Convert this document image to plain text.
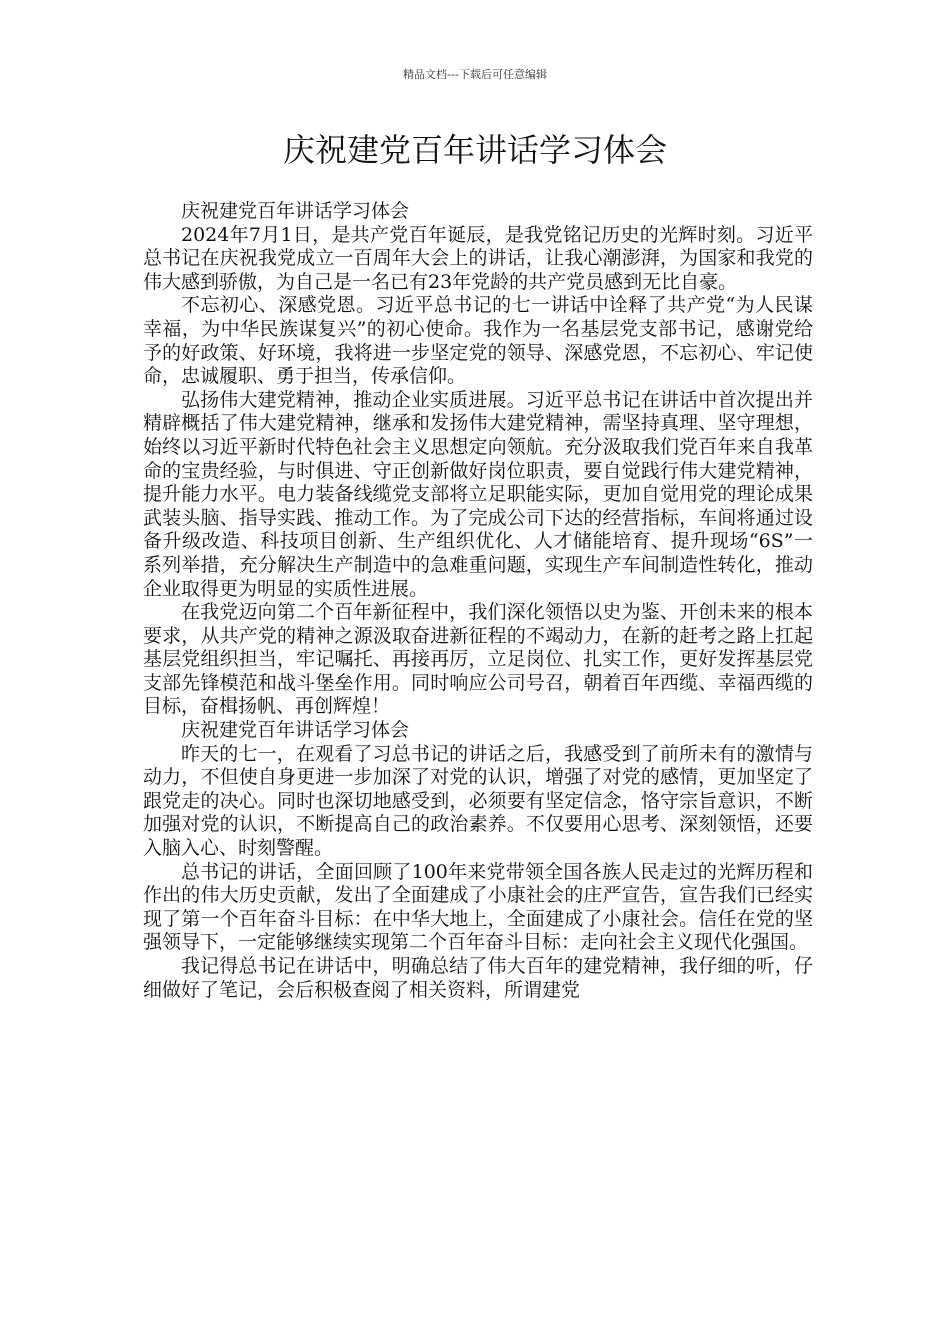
精品文档---下载后可任意编辑
庆祝建党百年讲话学习体会

庆祝建党百年讲话学习体会

2024年7月1日，是共产党百年诞辰，是我党铭记历史的光辉时刻。习近平总书记在庆祝我党成立一百周年大会上的讲话，让我心潮澎湃，为国家和我党的伟大感到骄傲，为自己是一名已有23年党龄的共产党员感到无比自豪。

不忘初心、深感党恩。习近平总书记的七一讲话中诠释了共产党“为人民谋幸福，为中华民族谋复兴”的初心使命。我作为一名基层党支部书记，感谢党给予的好政策、好环境，我将进一步坚定党的领导、深感党恩，不忘初心、牢记使命，忠诚履职、勇于担当，传承信仰。

弘扬伟大建党精神，推动企业实质进展。习近平总书记在讲话中首次提出并精辟概括了伟大建党精神，继承和发扬伟大建党精神，需坚持真理、坚守理想，始终以习近平新时代特色社会主义思想定向领航。充分汲取我们党百年来自我革命的宝贵经验，与时俱进、守正创新做好岗位职责，要自觉践行伟大建党精神，提升能力水平。电力装备线缆党支部将立足职能实际，更加自觉用党的理论成果武装头脑、指导实践、推动工作。为了完成公司下达的经营指标，车间将通过设备升级改造、科技项目创新、生产组织优化、人才储能培育、提升现场“6S”一系列举措，充分解决生产制造中的急难重问题，实现生产车间制造性转化，推动企业取得更为明显的实质性进展。

在我党迈向第二个百年新征程中，我们深化领悟以史为鉴、开创未来的根本要求，从共产党的精神之源汲取奋进新征程的不竭动力，在新的赶考之路上扛起基层党组织担当，牢记嘱托、再接再厉，立足岗位、扎实工作，更好发挥基层党支部先锋模范和战斗堡垒作用。同时响应公司号召，朝着百年西缆、幸福西缆的目标，奋楫扬帆、再创辉煌！

庆祝建党百年讲话学习体会

昨天的七一，在观看了习总书记的讲话之后，我感受到了前所未有的激情与动力，不但使自身更进一步加深了对党的认识，增强了对党的感情，更加坚定了跟党走的决心。同时也深切地感受到，必须要有坚定信念，恪守宗旨意识，不断加强对党的认识，不断提高自己的政治素养。不仅要用心思考、深刻领悟，还要入脑入心、时刻警醒。

总书记的讲话，全面回顾了100年来党带领全国各族人民走过的光辉历程和作出的伟大历史贡献，发出了全面建成了小康社会的庄严宣告，宣告我们已经实现了第一个百年奋斗目标：在中华大地上，全面建成了小康社会。信任在党的坚强领导下，一定能够继续实现第二个百年奋斗目标：走向社会主义现代化强国。

我记得总书记在讲话中，明确总结了伟大百年的建党精神，我仔细的听，仔细做好了笔记，会后积极查阅了相关资料，所谓建党
